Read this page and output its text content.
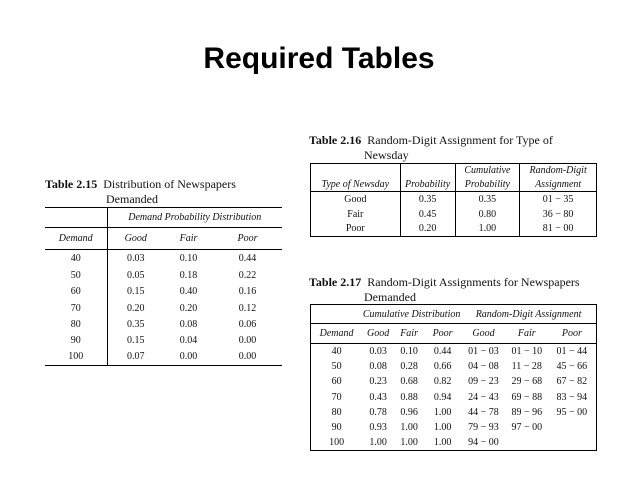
Required Tables
Table 2.15 Distribution of Newspapers
Demanded
	Demand Probability Distribution		
Demand	Good	Fair	Poor
40	0.03	0.10	0.44
50	0.05	0.18	0.22
60	0.15	0.40	0.16
70	0.20	0.20	0.12
80	0.35	0.08	0.06
90	0.15	0.04	0.00
100	0.07	0.00	0.00
Table 2.16 Random-Digit Assignment for Type of
Newsday
		Cumulative	Random-Digit
Type of Newsday	Probability	Probability	Assignment
Good	0.35	0.35	01 − 35
Fair	0.45	0.80	36 − 80
Poor	0.20	1.00	81 − 00
Table 2.17 Random-Digit Assignments for Newspapers
Demanded
	Cumulative Distribution			Random-Digit Assignment		
Demand	Good	Fair	Poor	Good	Fair	Poor
40	0.03	0.10	0.44	01 − 03	01 − 10	01 − 44
50	0.08	0.28	0.66	04 − 08	11 − 28	45 − 66
60	0.23	0.68	0.82	09 − 23	29 − 68	67 − 82
70	0.43	0.88	0.94	24 − 43	69 − 88	83 − 94
80	0.78	0.96	1.00	44 − 78	89 − 96	95 − 00
90	0.93	1.00	1.00	79 − 93	97 − 00	
100	1.00	1.00	1.00	94 − 00		
